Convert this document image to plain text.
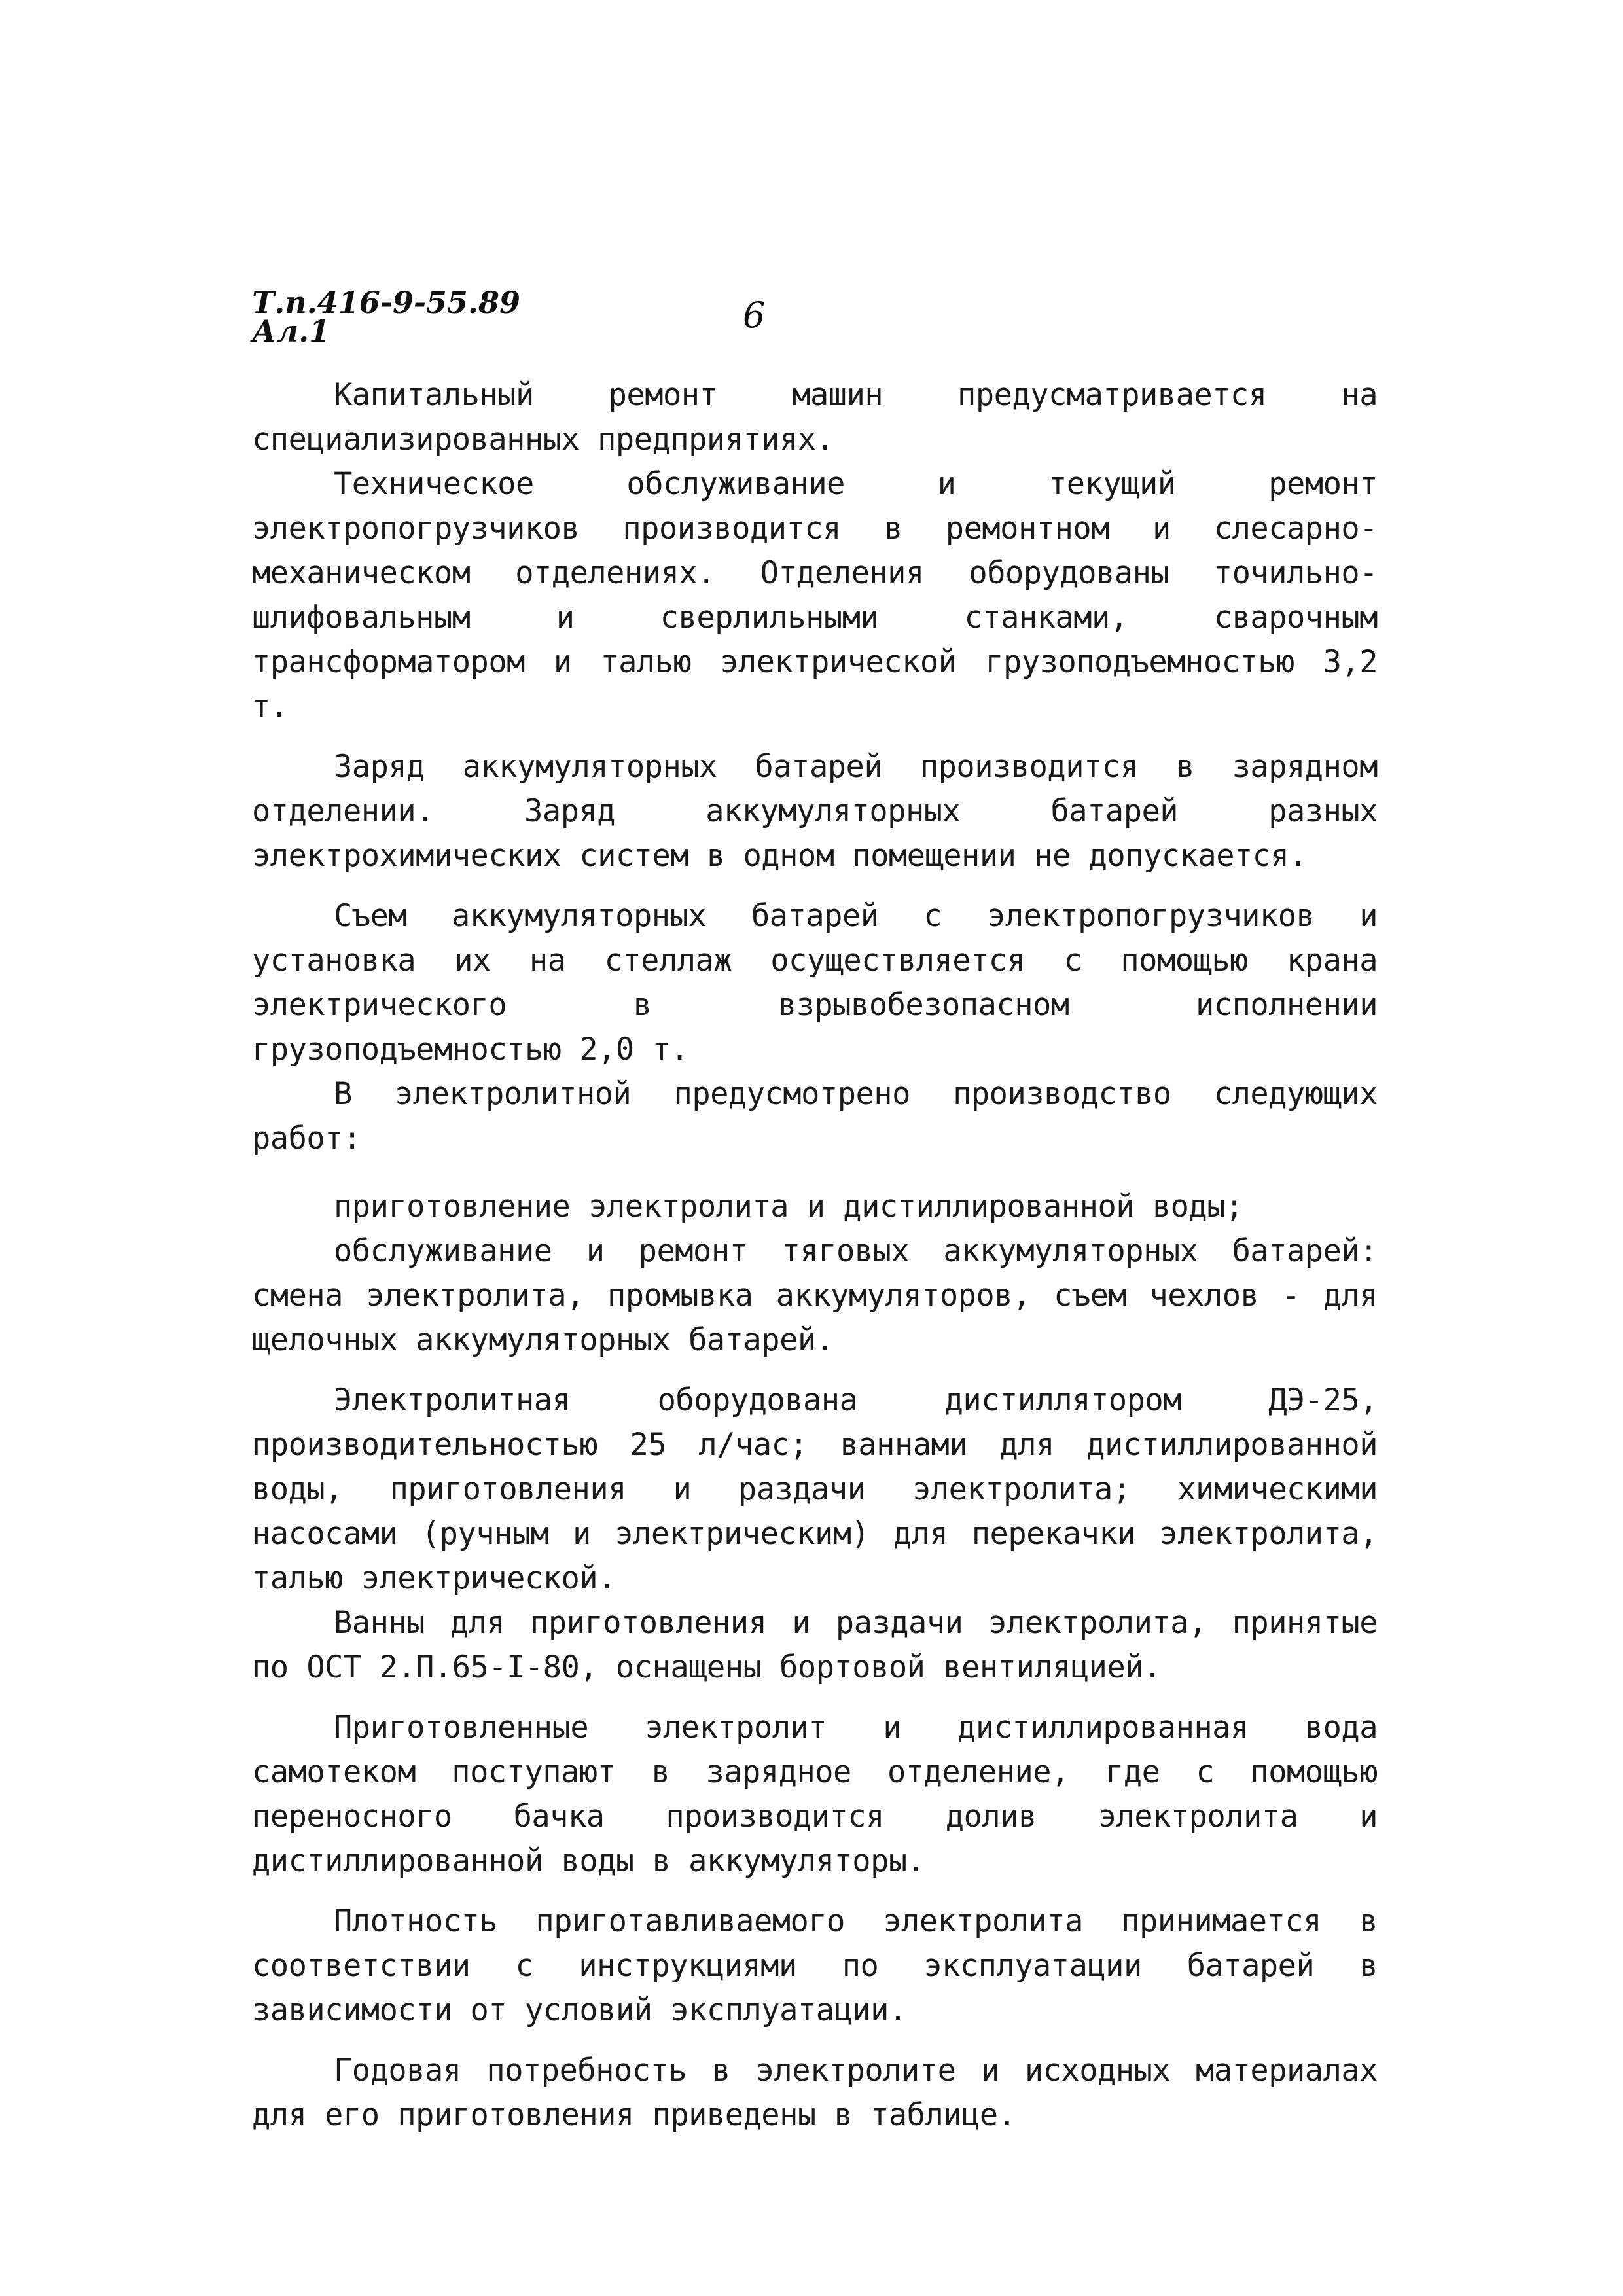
Т.п.416-9-55.89
Ал.1	6

Капитальный ремонт машин предусматривается на специализированных предприятиях.

Техническое обслуживание и текущий ремонт электропогрузчиков производится в ремонтном и слесарно-механическом отделениях. Отделения оборудованы точильно-шлифовальным и сверлильными станками, сварочным трансформатором и талью электрической грузоподъемностью 3,2 т.

Заряд аккумуляторных батарей производится в зарядном отделении. Заряд аккумуляторных батарей разных электрохимических систем в одном помещении не допускается.

Съем аккумуляторных батарей с электропогрузчиков и установка их на стеллаж осуществляется с помощью крана электрического в взрывобезопасном исполнении грузоподъемностью 2,0 т.

В электролитной предусмотрено производство следующих работ:

приготовление электролита и дистиллированной воды;

обслуживание и ремонт тяговых аккумуляторных батарей: смена электролита, промывка аккумуляторов, съем чехлов - для щелочных аккумуляторных батарей.

Электролитная оборудована дистиллятором ДЭ-25, производительностью 25 л/час; ваннами для дистиллированной воды, приготовления и раздачи электролита; химическими насосами (ручным и электрическим) для перекачки электролита, талью электрической.

Ванны для приготовления и раздачи электролита, принятые по ОСТ 2.П.65-I-80, оснащены бортовой вентиляцией.

Приготовленные электролит и дистиллированная вода самотеком поступают в зарядное отделение, где с помощью переносного бачка производится долив электролита и дистиллированной воды в аккумуляторы.

Плотность приготавливаемого электролита принимается в соответствии с инструкциями по эксплуатации батарей в зависимости от условий эксплуатации.

Годовая потребность в электролите и исходных материалах для его приготовления приведены в таблице.
